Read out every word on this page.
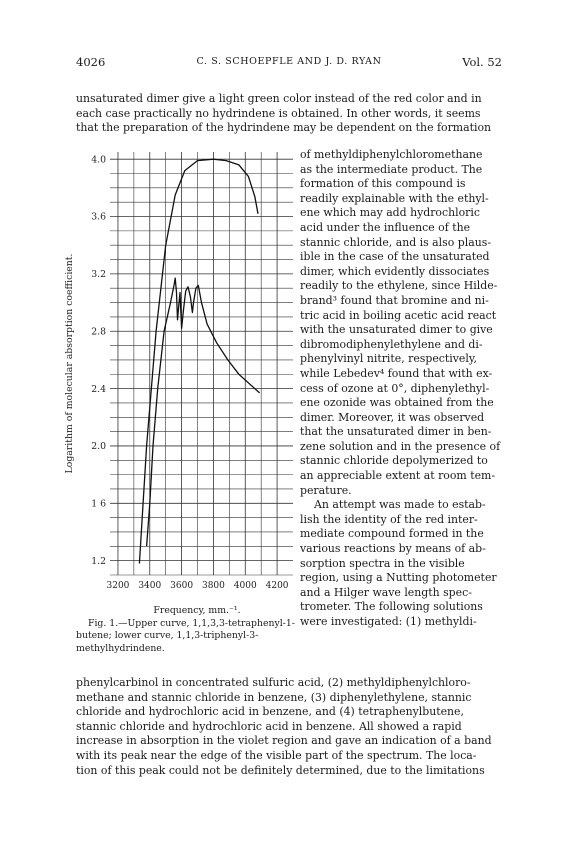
4026	C. S. SCHOEPFLE AND J. D. RYAN	Vol. 52
unsaturated dimer give a light green color instead of the red color and in
each case practically no hydrindene is obtained. In other words, it seems
that the preparation of the hydrindene may be dependent on the formation
1.2
1 6
2.0
2.4
2.8
3.2
3.6
4.0
3200 3400 3600 3800 4000 4200
Logarithm of molecular absorption coefficient.
Frequency, mm.⁻¹.
Fig. 1.—Upper curve, 1,1,3,3-tetraphenyl-1-butene; lower curve, 1,1,3-triphenyl-3-methylhydrindene.
of methyldiphenylchloromethane
as the intermediate product. The
formation of this compound is
readily explainable with the ethyl-
ene which may add hydrochloric
acid under the influence of the
stannic chloride, and is also plaus-
ible in the case of the unsaturated
dimer, which evidently dissociates
readily to the ethylene, since Hilde-
brand³ found that bromine and ni-
tric acid in boiling acetic acid react
with the unsaturated dimer to give
dibromodiphenylethylene and di-
phenylvinyl nitrite, respectively,
while Lebedev⁴ found that with ex-
cess of ozone at 0°, diphenylethyl-
ene ozonide was obtained from the
dimer. Moreover, it was observed
that the unsaturated dimer in ben-
zene solution and in the presence of
stannic chloride depolymerized to
an appreciable extent at room tem-
perature.
An attempt was made to estab-
lish the identity of the red inter-
mediate compound formed in the
various reactions by means of ab-
sorption spectra in the visible
region, using a Nutting photometer
and a Hilger wave length spec-
trometer. The following solutions
were investigated: (1) methyldi-
phenylcarbinol in concentrated sulfuric acid, (2) methyldiphenylchloro-
methane and stannic chloride in benzene, (3) diphenylethylene, stannic
chloride and hydrochloric acid in benzene, and (4) tetraphenylbutene,
stannic chloride and hydrochloric acid in benzene. All showed a rapid
increase in absorption in the violet region and gave an indication of a band
with its peak near the edge of the visible part of the spectrum. The loca-
tion of this peak could not be definitely determined, due to the limitations
